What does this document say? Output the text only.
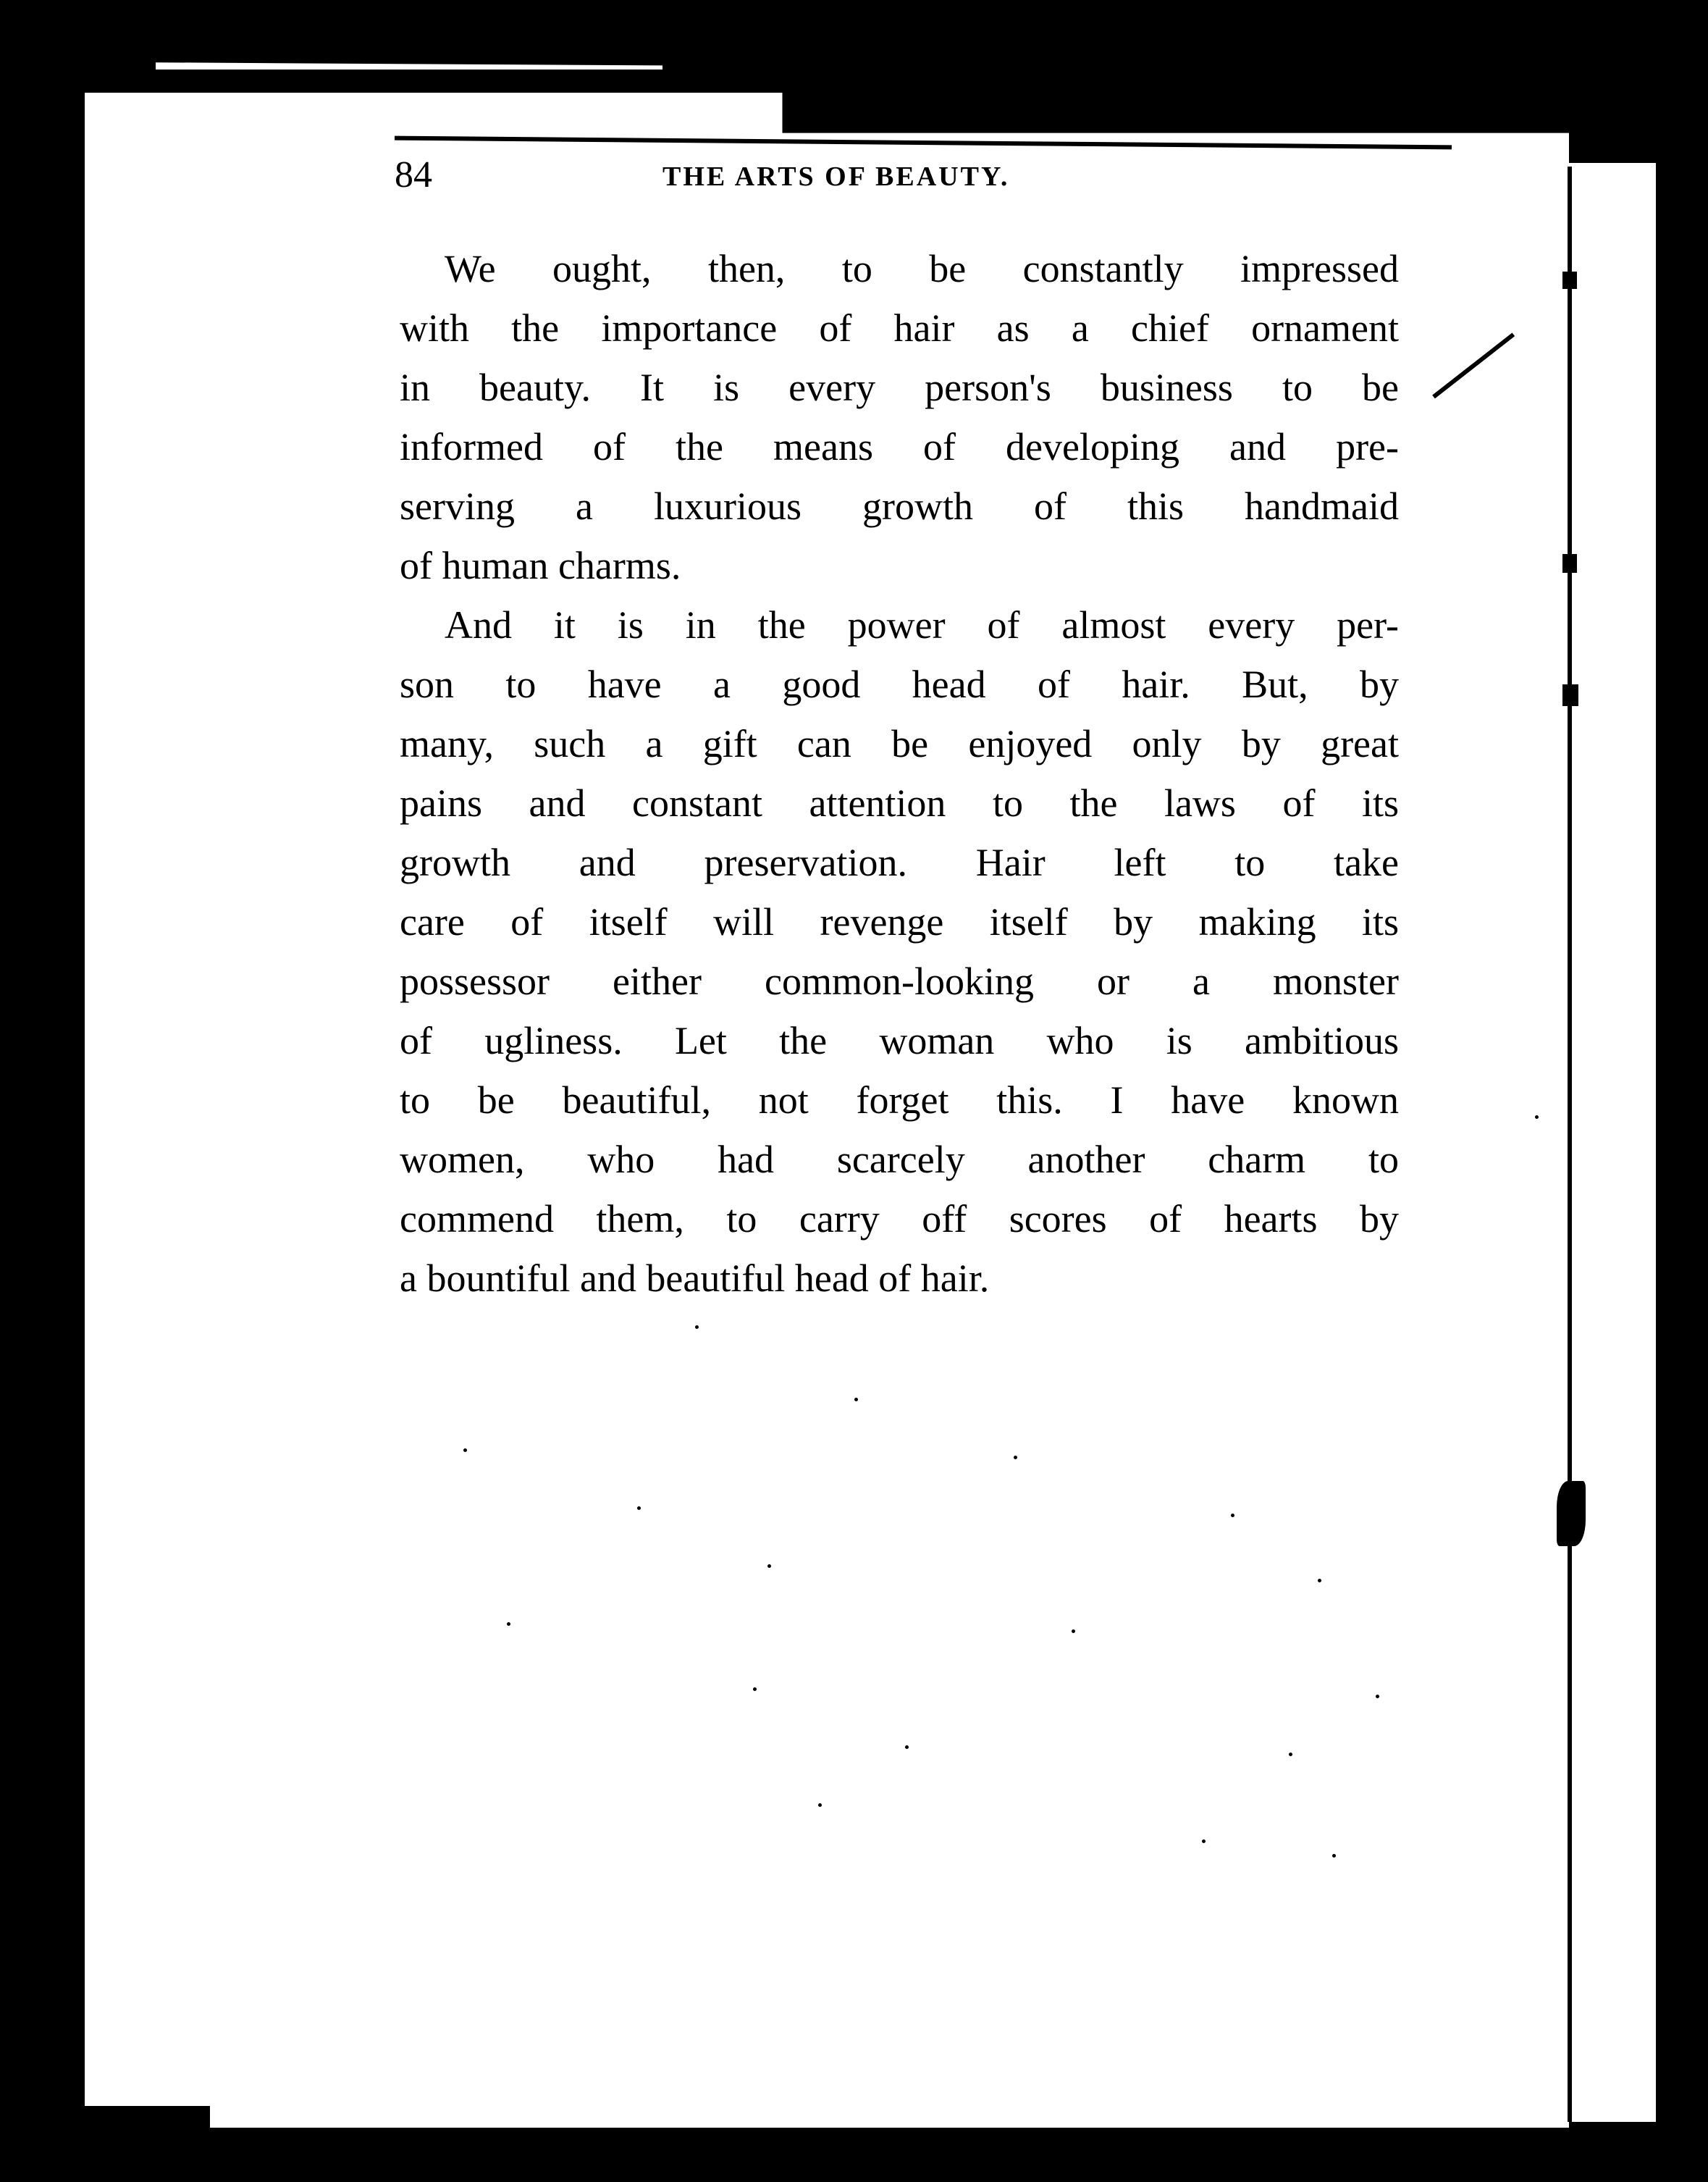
84	THE ARTS OF BEAUTY.
We ought, then, to be constantly impressed
with the importance of hair as a chief ornament
in beauty. It is every person's business to be
informed of the means of developing and pre-
serving a luxurious growth of this handmaid
of human charms.
And it is in the power of almost every per-
son to have a good head of hair. But, by
many, such a gift can be enjoyed only by great
pains and constant attention to the laws of its
growth and preservation. Hair left to take
care of itself will revenge itself by making its
possessor either common-looking or a monster
of ugliness. Let the woman who is ambitious
to be beautiful, not forget this. I have known
women, who had scarcely another charm to
commend them, to carry off scores of hearts by
a bountiful and beautiful head of hair.
